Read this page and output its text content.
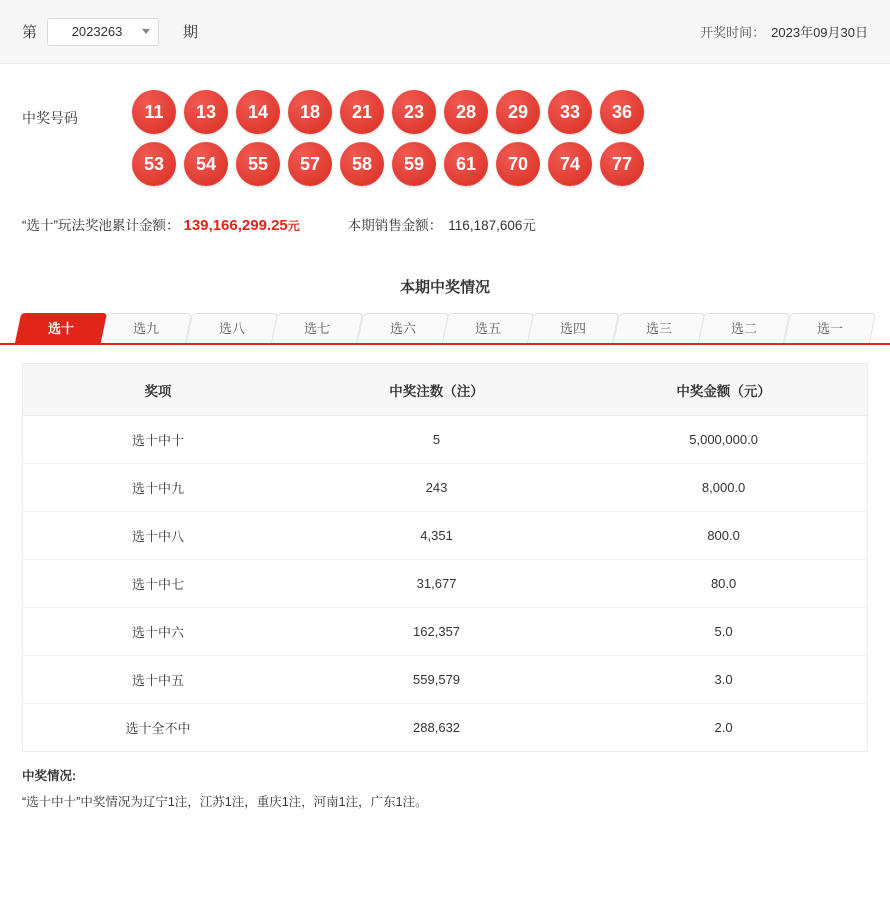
第	2023263	期	开奖时间： 2023年09月30日
中奖号码	11	13	14	18	21	23	28	29	33	36
53	54	55	57	58	59	61	70	74	77
“选十”玩法奖池累计金额： 139,166,299.25 元	本期销售金额： 116,187,606元
本期中奖情况
选十	选九	选八	选七	选六	选五	选四	选三	选二	选一
奖项	中奖注数（注）	中奖金额（元）
选十中十	5	5,000,000.0
选十中九	243	8,000.0
选十中八	4,351	800.0
选十中七	31,677	80.0
选十中六	162,357	5.0
选十中五	559,579	3.0
选十全不中	288,632	2.0
中奖情况:
“选十中十”中奖情况为辽宁1注，江苏1注，重庆1注，河南1注，广东1注。
